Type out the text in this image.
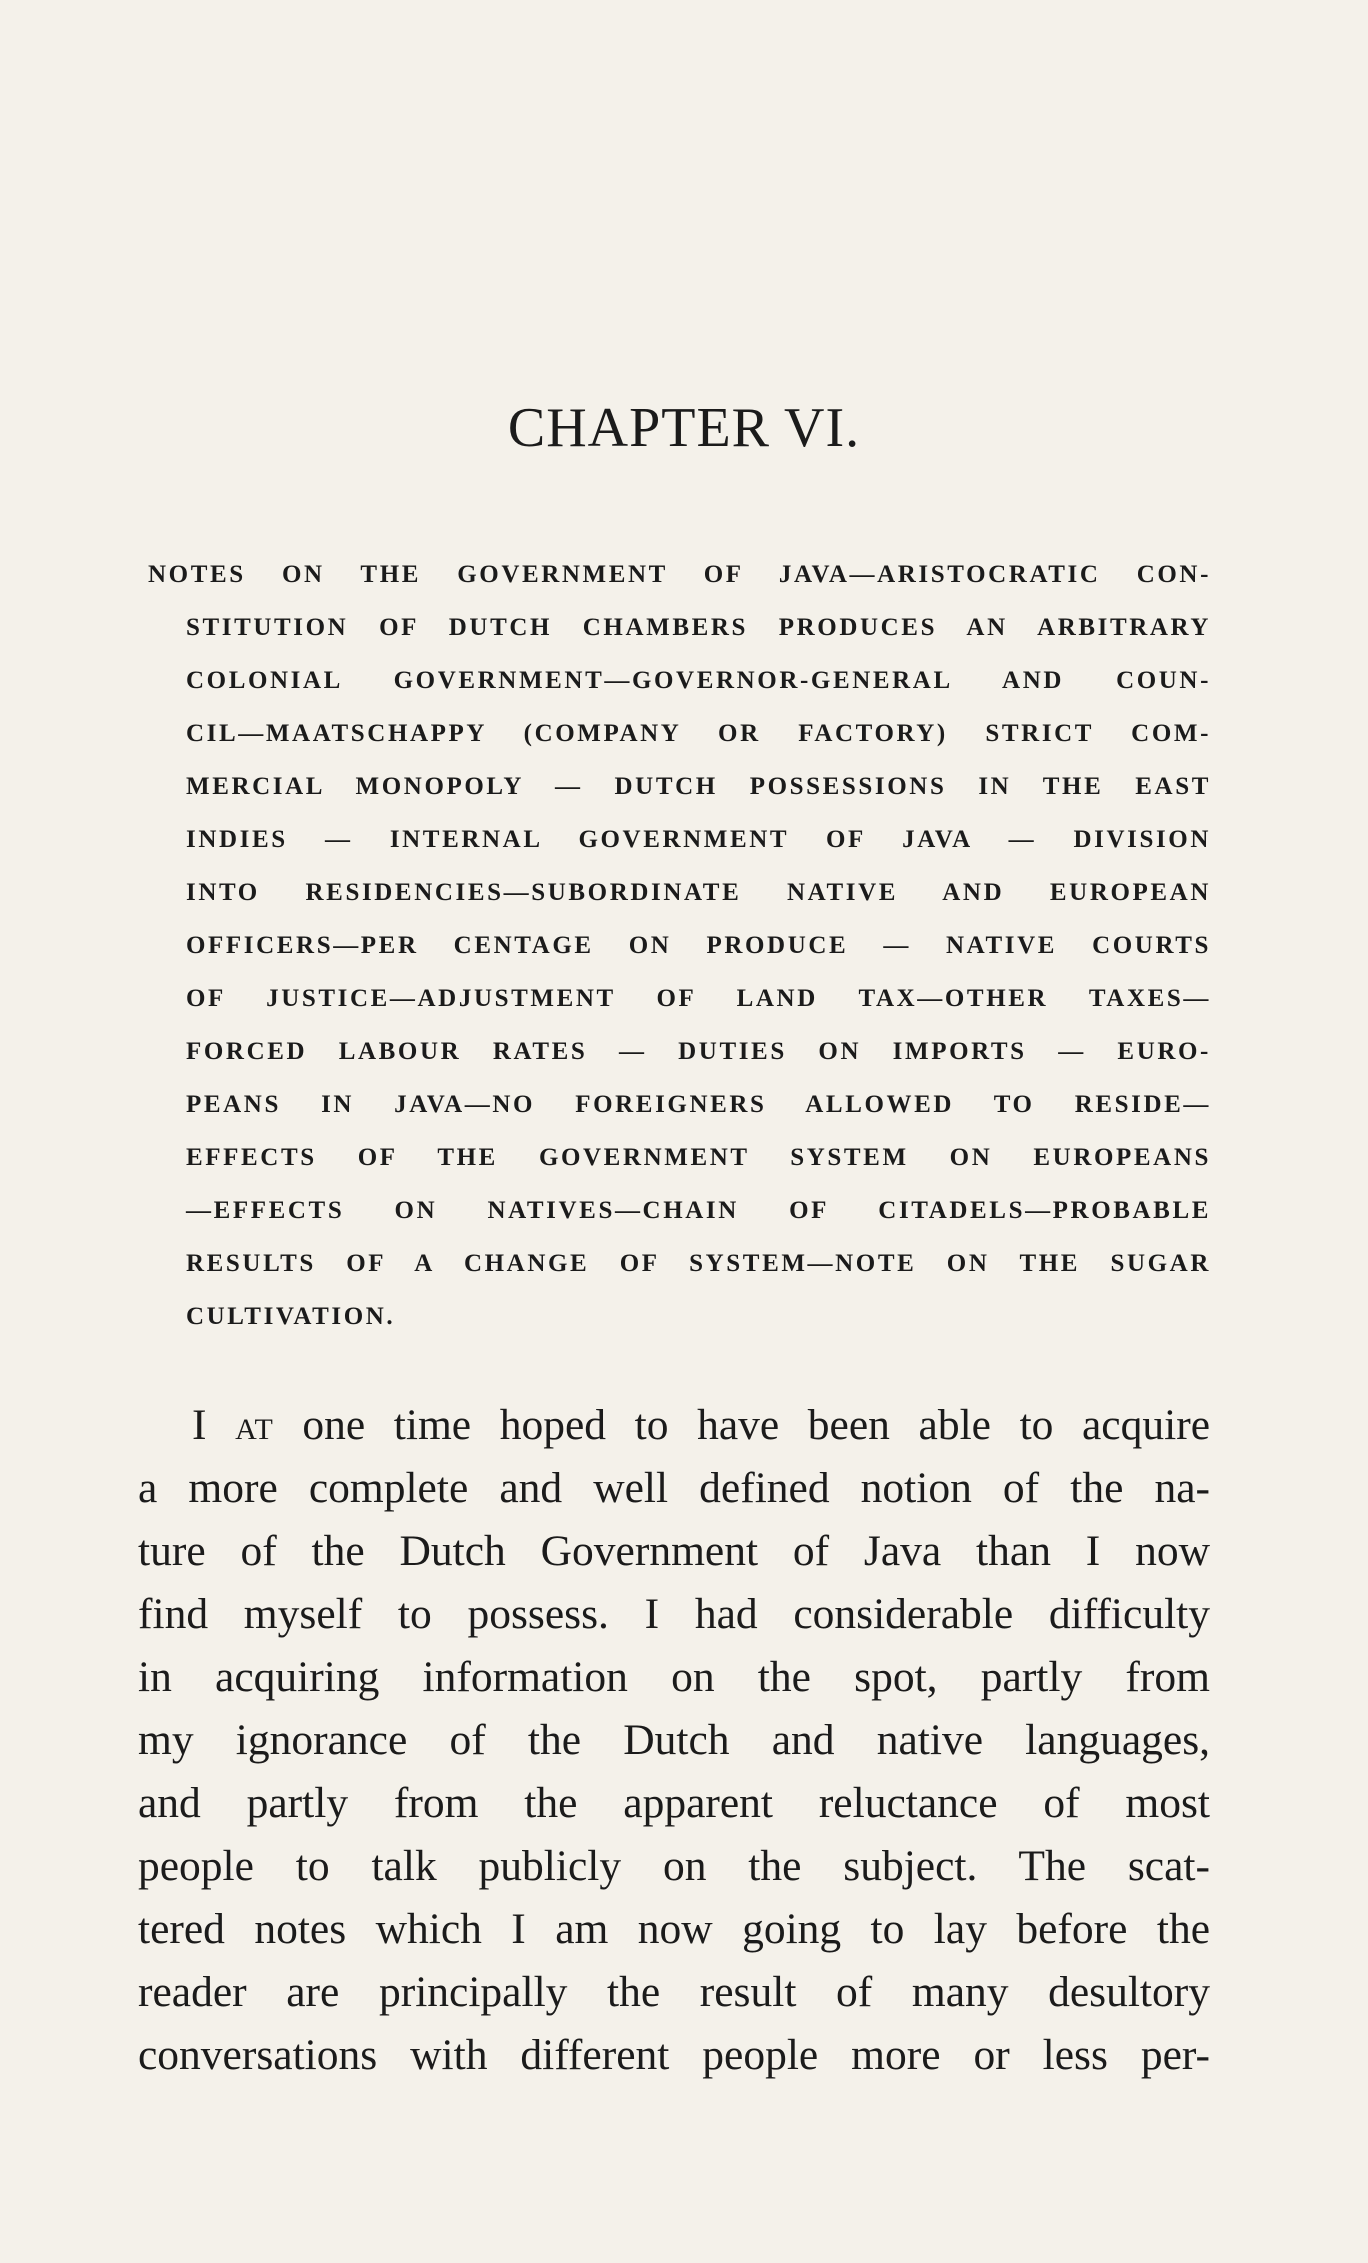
CHAPTER VI.
NOTES ON THE GOVERNMENT OF JAVA—ARISTOCRATIC CON-
STITUTION OF DUTCH CHAMBERS PRODUCES AN ARBITRARY
COLONIAL GOVERNMENT—GOVERNOR-GENERAL AND COUN-
CIL—MAATSCHAPPY (COMPANY OR FACTORY) STRICT COM-
MERCIAL MONOPOLY — DUTCH POSSESSIONS IN THE EAST
INDIES — INTERNAL GOVERNMENT OF JAVA — DIVISION
INTO RESIDENCIES—SUBORDINATE NATIVE AND EUROPEAN
OFFICERS—PER CENTAGE ON PRODUCE — NATIVE COURTS
OF JUSTICE—ADJUSTMENT OF LAND TAX—OTHER TAXES—
FORCED LABOUR RATES — DUTIES ON IMPORTS — EURO-
PEANS IN JAVA—NO FOREIGNERS ALLOWED TO RESIDE—
EFFECTS OF THE GOVERNMENT SYSTEM ON EUROPEANS
—EFFECTS ON NATIVES—CHAIN OF CITADELS—PROBABLE
RESULTS OF A CHANGE OF SYSTEM—NOTE ON THE SUGAR
CULTIVATION.
I AT one time hoped to have been able to acquire
a more complete and well defined notion of the na-
ture of the Dutch Government of Java than I now
find myself to possess. I had considerable difficulty
in acquiring information on the spot, partly from
my ignorance of the Dutch and native languages,
and partly from the apparent reluctance of most
people to talk publicly on the subject. The scat-
tered notes which I am now going to lay before the
reader are principally the result of many desultory
conversations with different people more or less per-
